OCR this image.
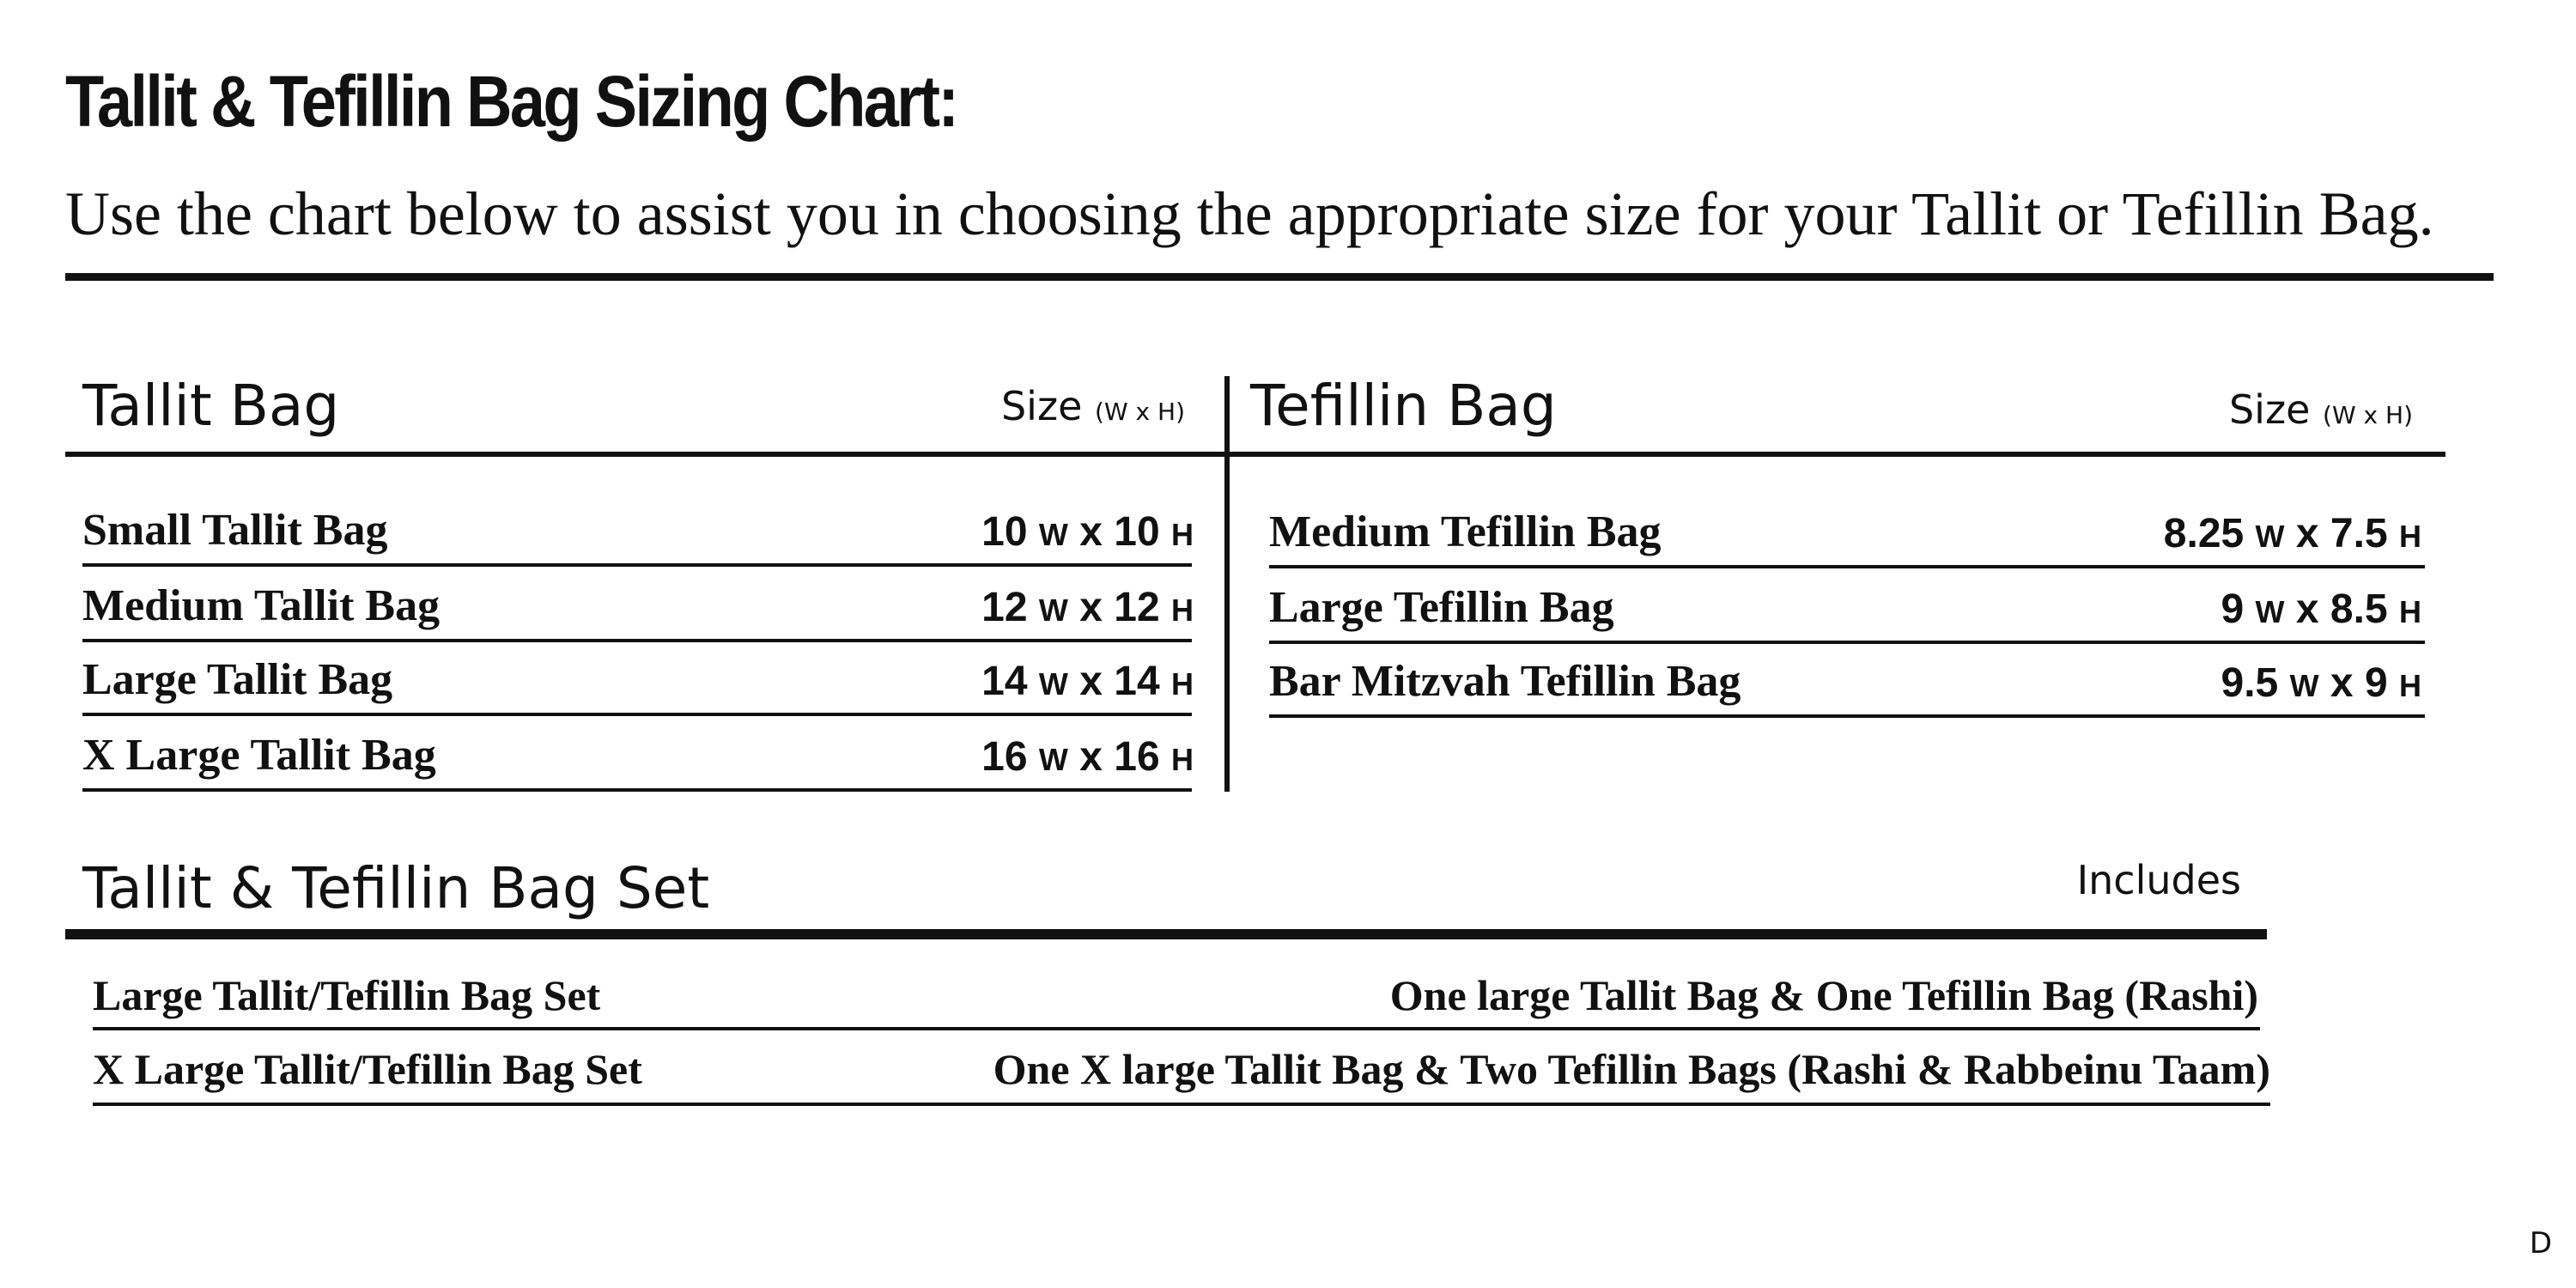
Tallit & Tefillin Bag Sizing Chart:

Use the chart below to assist you in choosing the appropriate size for your Tallit or Tefillin Bag.

Tallit Bag	Size (W x H)
Small Tallit Bag	10 W x 10 H
Medium Tallit Bag	12 W x 12 H
Large Tallit Bag	14 W x 14 H
X Large Tallit Bag	16 W x 16 H
Tefillin Bag	Size (W x H)
Medium Tefillin Bag	8.25 W x 7.5 H
Large Tefillin Bag	9 W x 8.5 H
Bar Mitzvah Tefillin Bag	9.5 W x 9 H
Tallit & Tefillin Bag Set	Includes
Large Tallit/Tefillin Bag Set	One large Tallit Bag & One Tefillin Bag (Rashi)
X Large Tallit/Tefillin Bag Set	One X large Tallit Bag & Two Tefillin Bags (Rashi & Rabbeinu Taam)
D
